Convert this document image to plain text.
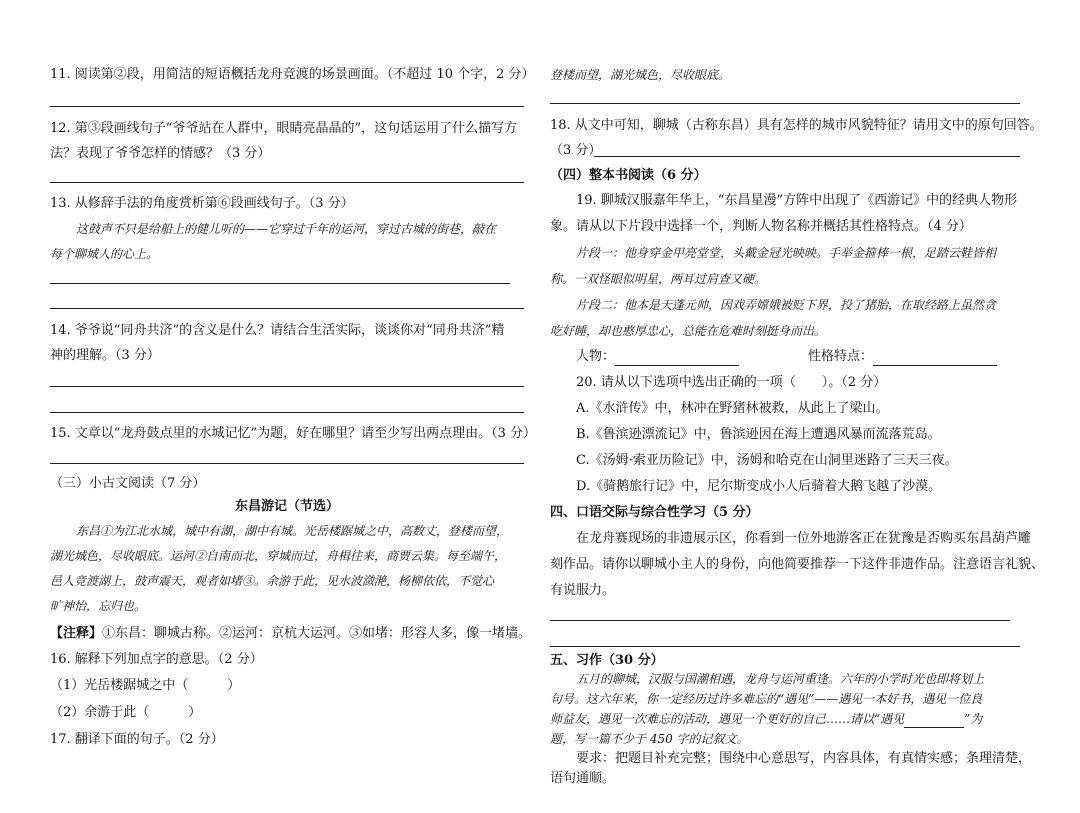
11. 阅读第②段，用简洁的短语概括龙舟竞渡的场景画面。（不超过 10 个字，2 分）
12. 第③段画线句子“爷爷站在人群中，眼睛亮晶晶的”，这句话运用了什么描写方
法？表现了爷爷怎样的情感？（3 分）
13. 从修辞手法的角度赏析第⑥段画线句子。（3 分）
这鼓声不只是给船上的健儿听的——它穿过千年的运河，穿过古城的街巷，敲在
每个聊城人的心上。
14. 爷爷说“同舟共济”的含义是什么？请结合生活实际，谈谈你对“同舟共济”精
神的理解。（3 分）
15. 文章以“龙舟鼓点里的水城记忆”为题，好在哪里？请至少写出两点理由。（3 分）
（三）小古文阅读（7 分）
东昌游记（节选）
东昌①为江北水城，城中有湖，湖中有城。光岳楼踞城之中，高数丈，登楼而望，
湖光城色，尽收眼底。运河②自南而北，穿城而过，舟楫往来，商贾云集。每至端午，
邑人竞渡湖上，鼓声震天，观者如堵③。余游于此，见水波潋滟，杨柳依依，不觉心
旷神怡，忘归也。
【注释】①东昌：聊城古称。②运河：京杭大运河。③如堵：形容人多，像一堵墙。
16. 解释下列加点字的意思。（2 分）
（1）光岳楼踞城之中（　　　）
（2）余游于此（　　　）
17. 翻译下面的句子。（2 分）
登楼而望，湖光城色，尽收眼底。
18. 从文中可知，聊城（古称东昌）具有怎样的城市风貌特征？请用文中的原句回答。
（3 分）
（四）整本书阅读（6 分）
19. 聊城汉服嘉年华上，“东昌星漫”方阵中出现了《西游记》中的经典人物形
象。请从以下片段中选择一个，判断人物名称并概括其性格特点。（4 分）
片段一：他身穿金甲亮堂堂，头戴金冠光映映。手举金箍棒一根，足踏云鞋皆相
称。一双怪眼似明星，两耳过肩查又硬。
片段二：他本是天蓬元帅，因戏弄嫦娥被贬下界，投了猪胎，在取经路上虽然贪
吃好睡，却也憨厚忠心，总能在危难时刻挺身而出。
人物：	性格特点：
20. 请从以下选项中选出正确的一项（　　）。（2 分）
A.《水浒传》中，林冲在野猪林被救，从此上了梁山。
B.《鲁滨逊漂流记》中，鲁滨逊因在海上遭遇风暴而流落荒岛。
C.《汤姆·索亚历险记》中，汤姆和哈克在山洞里迷路了三天三夜。
D.《骑鹅旅行记》中，尼尔斯变成小人后骑着大鹅飞越了沙漠。
四、口语交际与综合性学习（5 分）
在龙舟赛现场的非遗展示区，你看到一位外地游客正在犹豫是否购买东昌葫芦雕
刻作品。请你以聊城小主人的身份，向他简要推荐一下这件非遗作品。注意语言礼貌、
有说服力。
五、习作（30 分）
五月的聊城，汉服与国潮相遇，龙舟与运河重逢。六年的小学时光也即将划上
句号。这六年来，你一定经历过许多难忘的“遇见”——遇见一本好书，遇见一位良
师益友，遇见一次难忘的活动，遇见一个更好的自己……请以“遇见	”为
题，写一篇不少于 450 字的记叙文。
要求：把题目补充完整；围绕中心意思写，内容具体，有真情实感；条理清楚，
语句通顺。
